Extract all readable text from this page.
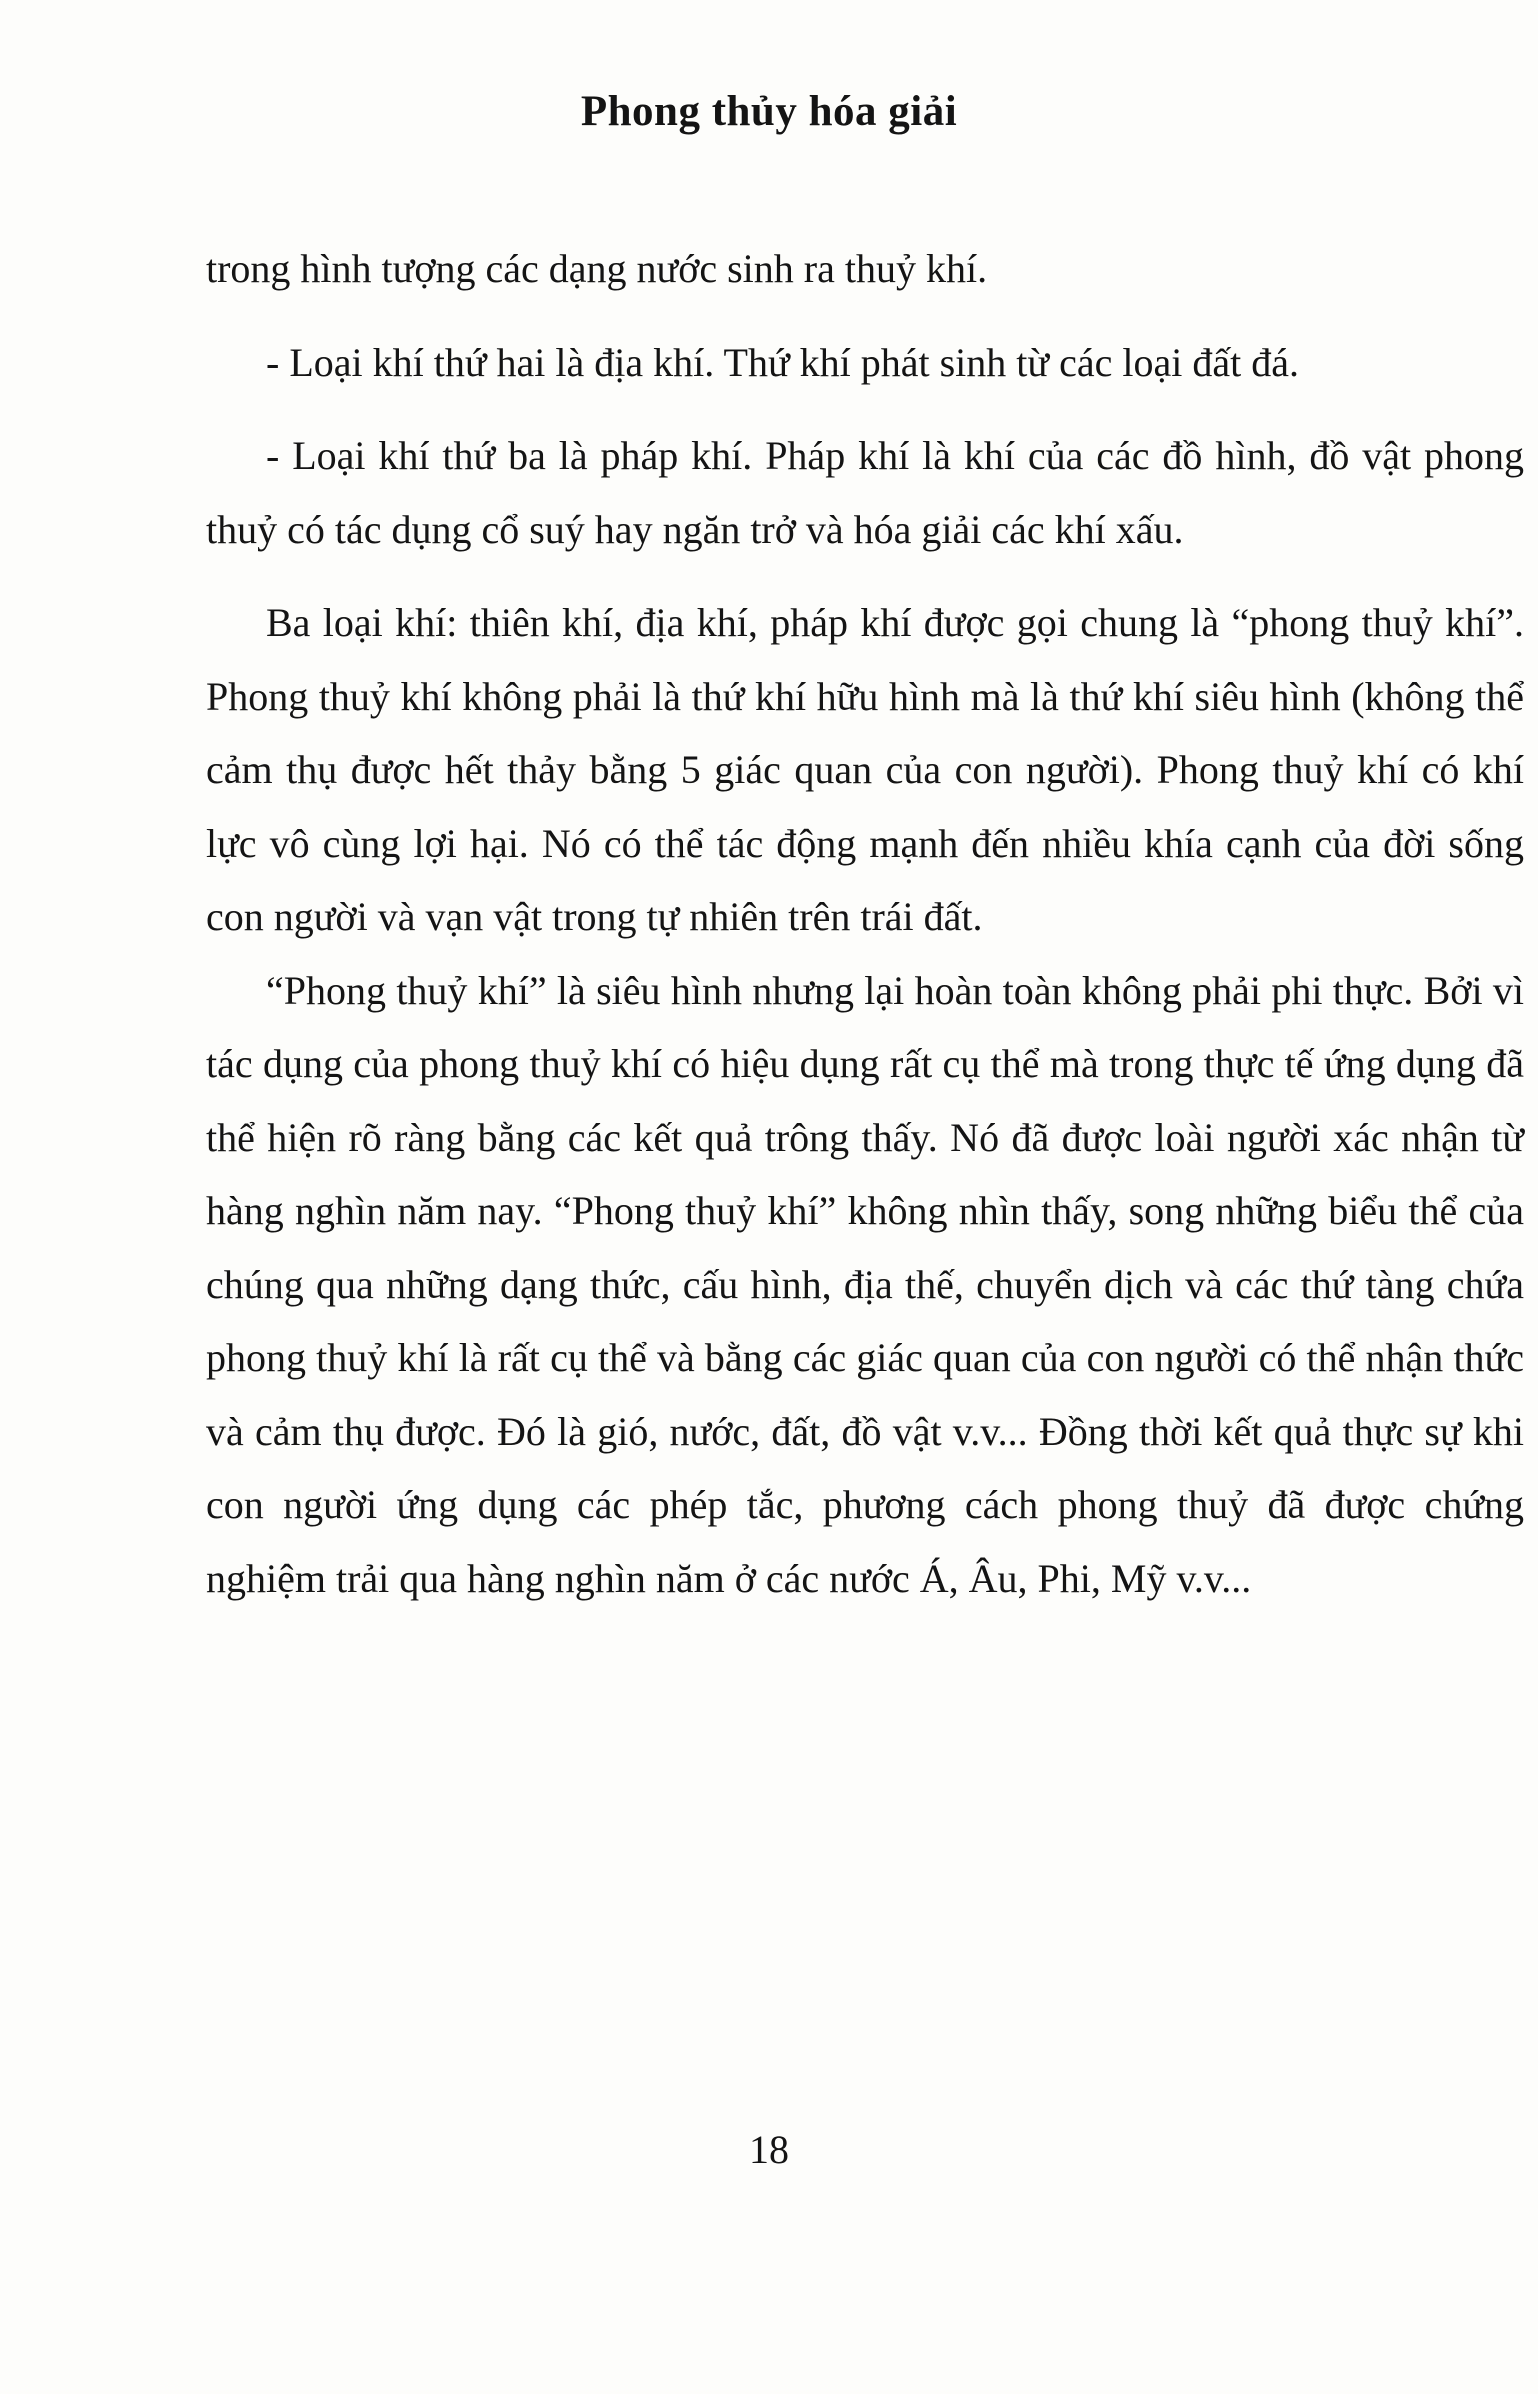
Phong thủy hóa giải

trong hình tượng các dạng nước sinh ra thuỷ khí.

- Loại khí thứ hai là địa khí. Thứ khí phát sinh từ các loại đất đá.

- Loại khí thứ ba là pháp khí. Pháp khí là khí của các đồ hình, đồ vật phong thuỷ có tác dụng cổ suý hay ngăn trở và hóa giải các khí xấu.

Ba loại khí: thiên khí, địa khí, pháp khí được gọi chung là “phong thuỷ khí”. Phong thuỷ khí không phải là thứ khí hữu hình mà là thứ khí siêu hình (không thể cảm thụ được hết thảy bằng 5 giác quan của con người). Phong thuỷ khí có khí lực vô cùng lợi hại. Nó có thể tác động mạnh đến nhiều khía cạnh của đời sống con người và vạn vật trong tự nhiên trên trái đất.

“Phong thuỷ khí” là siêu hình nhưng lại hoàn toàn không phải phi thực. Bởi vì tác dụng của phong thuỷ khí có hiệu dụng rất cụ thể mà trong thực tế ứng dụng đã thể hiện rõ ràng bằng các kết quả trông thấy. Nó đã được loài người xác nhận từ hàng nghìn năm nay. “Phong thuỷ khí” không nhìn thấy, song những biểu thể của chúng qua những dạng thức, cấu hình, địa thế, chuyển dịch và các thứ tàng chứa phong thuỷ khí là rất cụ thể và bằng các giác quan của con người có thể nhận thức và cảm thụ được. Đó là gió, nước, đất, đồ vật v.v... Đồng thời kết quả thực sự khi con người ứng dụng các phép tắc, phương cách phong thuỷ đã được chứng nghiệm trải qua hàng nghìn năm ở các nước Á, Âu, Phi, Mỹ v.v...

18
